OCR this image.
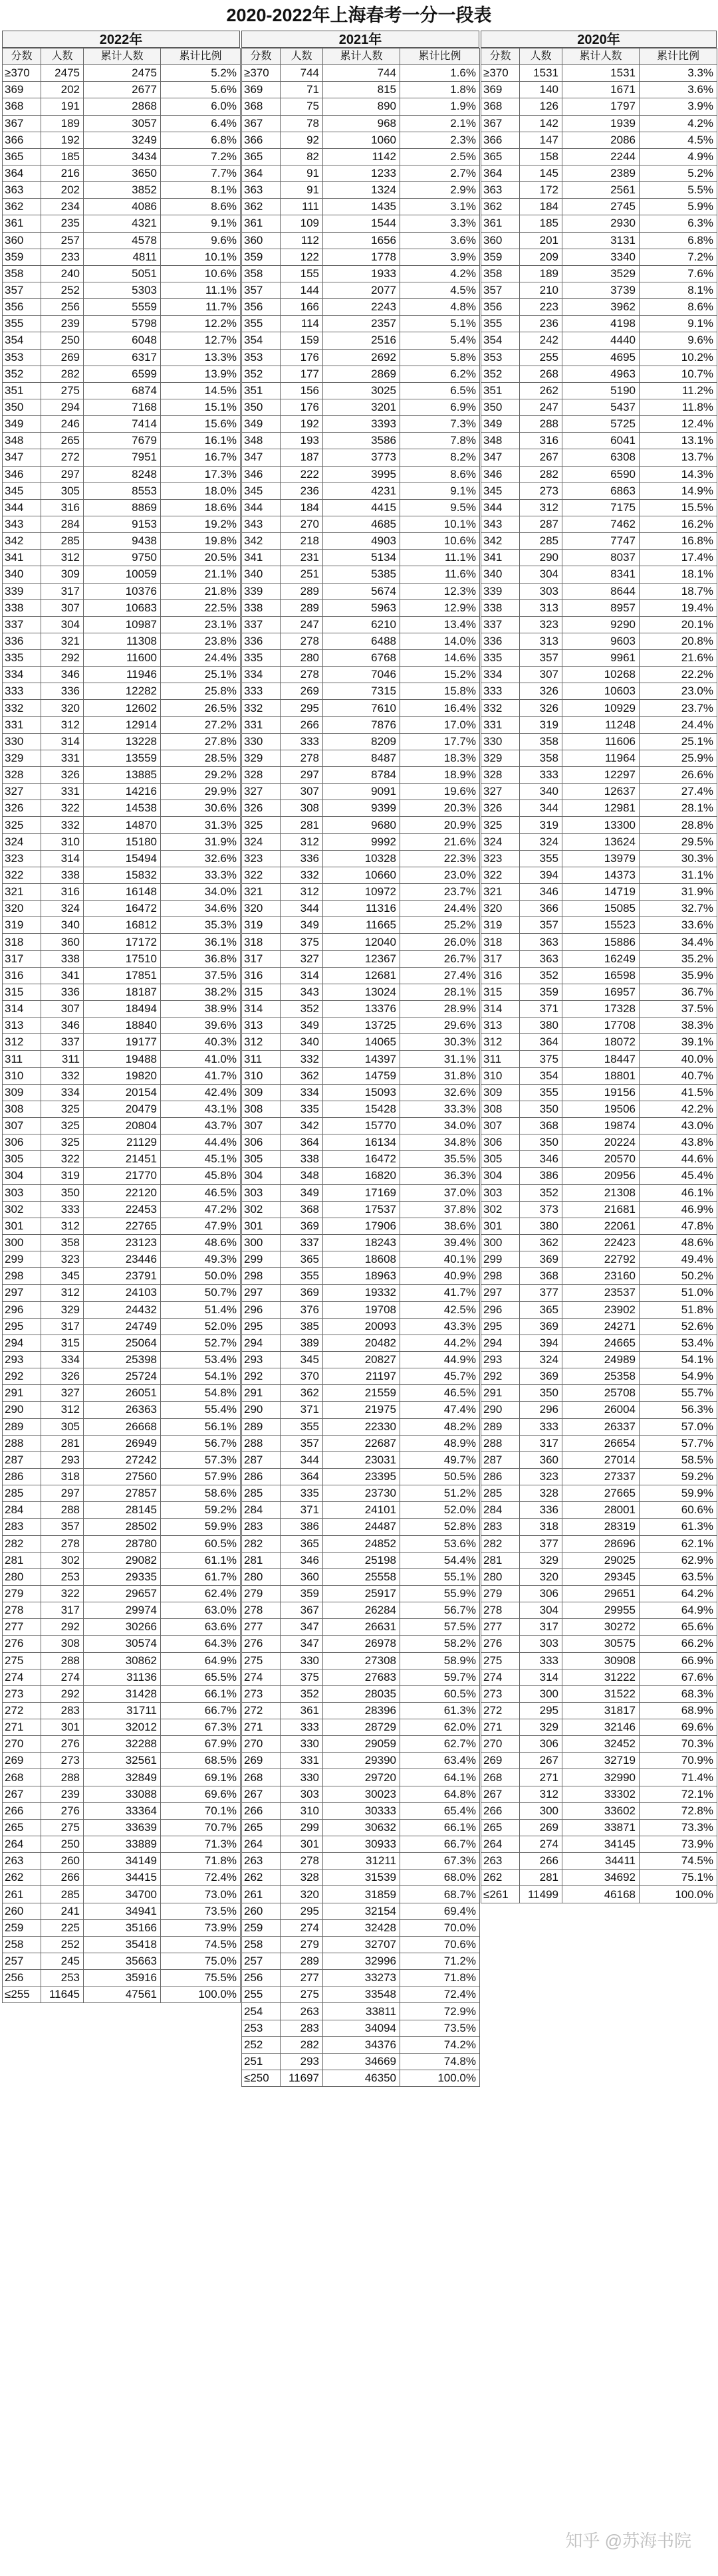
2020-2022年上海春考一分一段表
2022年	2021年	2020年
分数	人数	累计人数	累计比例
≥370	2475	2475	5.2%
369	202	2677	5.6%
368	191	2868	6.0%
367	189	3057	6.4%
366	192	3249	6.8%
365	185	3434	7.2%
364	216	3650	7.7%
363	202	3852	8.1%
362	234	4086	8.6%
361	235	4321	9.1%
360	257	4578	9.6%
359	233	4811	10.1%
358	240	5051	10.6%
357	252	5303	11.1%
356	256	5559	11.7%
355	239	5798	12.2%
354	250	6048	12.7%
353	269	6317	13.3%
352	282	6599	13.9%
351	275	6874	14.5%
350	294	7168	15.1%
349	246	7414	15.6%
348	265	7679	16.1%
347	272	7951	16.7%
346	297	8248	17.3%
345	305	8553	18.0%
344	316	8869	18.6%
343	284	9153	19.2%
342	285	9438	19.8%
341	312	9750	20.5%
340	309	10059	21.1%
339	317	10376	21.8%
338	307	10683	22.5%
337	304	10987	23.1%
336	321	11308	23.8%
335	292	11600	24.4%
334	346	11946	25.1%
333	336	12282	25.8%
332	320	12602	26.5%
331	312	12914	27.2%
330	314	13228	27.8%
329	331	13559	28.5%
328	326	13885	29.2%
327	331	14216	29.9%
326	322	14538	30.6%
325	332	14870	31.3%
324	310	15180	31.9%
323	314	15494	32.6%
322	338	15832	33.3%
321	316	16148	34.0%
320	324	16472	34.6%
319	340	16812	35.3%
318	360	17172	36.1%
317	338	17510	36.8%
316	341	17851	37.5%
315	336	18187	38.2%
314	307	18494	38.9%
313	346	18840	39.6%
312	337	19177	40.3%
311	311	19488	41.0%
310	332	19820	41.7%
309	334	20154	42.4%
308	325	20479	43.1%
307	325	20804	43.7%
306	325	21129	44.4%
305	322	21451	45.1%
304	319	21770	45.8%
303	350	22120	46.5%
302	333	22453	47.2%
301	312	22765	47.9%
300	358	23123	48.6%
299	323	23446	49.3%
298	345	23791	50.0%
297	312	24103	50.7%
296	329	24432	51.4%
295	317	24749	52.0%
294	315	25064	52.7%
293	334	25398	53.4%
292	326	25724	54.1%
291	327	26051	54.8%
290	312	26363	55.4%
289	305	26668	56.1%
288	281	26949	56.7%
287	293	27242	57.3%
286	318	27560	57.9%
285	297	27857	58.6%
284	288	28145	59.2%
283	357	28502	59.9%
282	278	28780	60.5%
281	302	29082	61.1%
280	253	29335	61.7%
279	322	29657	62.4%
278	317	29974	63.0%
277	292	30266	63.6%
276	308	30574	64.3%
275	288	30862	64.9%
274	274	31136	65.5%
273	292	31428	66.1%
272	283	31711	66.7%
271	301	32012	67.3%
270	276	32288	67.9%
269	273	32561	68.5%
268	288	32849	69.1%
267	239	33088	69.6%
266	276	33364	70.1%
265	275	33639	70.7%
264	250	33889	71.3%
263	260	34149	71.8%
262	266	34415	72.4%
261	285	34700	73.0%
260	241	34941	73.5%
259	225	35166	73.9%
258	252	35418	74.5%
257	245	35663	75.0%
256	253	35916	75.5%
≤255	11645	47561	100.0%
分数	人数	累计人数	累计比例
≥370	744	744	1.6%
369	71	815	1.8%
368	75	890	1.9%
367	78	968	2.1%
366	92	1060	2.3%
365	82	1142	2.5%
364	91	1233	2.7%
363	91	1324	2.9%
362	111	1435	3.1%
361	109	1544	3.3%
360	112	1656	3.6%
359	122	1778	3.9%
358	155	1933	4.2%
357	144	2077	4.5%
356	166	2243	4.8%
355	114	2357	5.1%
354	159	2516	5.4%
353	176	2692	5.8%
352	177	2869	6.2%
351	156	3025	6.5%
350	176	3201	6.9%
349	192	3393	7.3%
348	193	3586	7.8%
347	187	3773	8.2%
346	222	3995	8.6%
345	236	4231	9.1%
344	184	4415	9.5%
343	270	4685	10.1%
342	218	4903	10.6%
341	231	5134	11.1%
340	251	5385	11.6%
339	289	5674	12.3%
338	289	5963	12.9%
337	247	6210	13.4%
336	278	6488	14.0%
335	280	6768	14.6%
334	278	7046	15.2%
333	269	7315	15.8%
332	295	7610	16.4%
331	266	7876	17.0%
330	333	8209	17.7%
329	278	8487	18.3%
328	297	8784	18.9%
327	307	9091	19.6%
326	308	9399	20.3%
325	281	9680	20.9%
324	312	9992	21.6%
323	336	10328	22.3%
322	332	10660	23.0%
321	312	10972	23.7%
320	344	11316	24.4%
319	349	11665	25.2%
318	375	12040	26.0%
317	327	12367	26.7%
316	314	12681	27.4%
315	343	13024	28.1%
314	352	13376	28.9%
313	349	13725	29.6%
312	340	14065	30.3%
311	332	14397	31.1%
310	362	14759	31.8%
309	334	15093	32.6%
308	335	15428	33.3%
307	342	15770	34.0%
306	364	16134	34.8%
305	338	16472	35.5%
304	348	16820	36.3%
303	349	17169	37.0%
302	368	17537	37.8%
301	369	17906	38.6%
300	337	18243	39.4%
299	365	18608	40.1%
298	355	18963	40.9%
297	369	19332	41.7%
296	376	19708	42.5%
295	385	20093	43.3%
294	389	20482	44.2%
293	345	20827	44.9%
292	370	21197	45.7%
291	362	21559	46.5%
290	371	21975	47.4%
289	355	22330	48.2%
288	357	22687	48.9%
287	344	23031	49.7%
286	364	23395	50.5%
285	335	23730	51.2%
284	371	24101	52.0%
283	386	24487	52.8%
282	365	24852	53.6%
281	346	25198	54.4%
280	360	25558	55.1%
279	359	25917	55.9%
278	367	26284	56.7%
277	347	26631	57.5%
276	347	26978	58.2%
275	330	27308	58.9%
274	375	27683	59.7%
273	352	28035	60.5%
272	361	28396	61.3%
271	333	28729	62.0%
270	330	29059	62.7%
269	331	29390	63.4%
268	330	29720	64.1%
267	303	30023	64.8%
266	310	30333	65.4%
265	299	30632	66.1%
264	301	30933	66.7%
263	278	31211	67.3%
262	328	31539	68.0%
261	320	31859	68.7%
260	295	32154	69.4%
259	274	32428	70.0%
258	279	32707	70.6%
257	289	32996	71.2%
256	277	33273	71.8%
255	275	33548	72.4%
254	263	33811	72.9%
253	283	34094	73.5%
252	282	34376	74.2%
251	293	34669	74.8%
≤250	11697	46350	100.0%
分数	人数	累计人数	累计比例
≥370	1531	1531	3.3%
369	140	1671	3.6%
368	126	1797	3.9%
367	142	1939	4.2%
366	147	2086	4.5%
365	158	2244	4.9%
364	145	2389	5.2%
363	172	2561	5.5%
362	184	2745	5.9%
361	185	2930	6.3%
360	201	3131	6.8%
359	209	3340	7.2%
358	189	3529	7.6%
357	210	3739	8.1%
356	223	3962	8.6%
355	236	4198	9.1%
354	242	4440	9.6%
353	255	4695	10.2%
352	268	4963	10.7%
351	262	5190	11.2%
350	247	5437	11.8%
349	288	5725	12.4%
348	316	6041	13.1%
347	267	6308	13.7%
346	282	6590	14.3%
345	273	6863	14.9%
344	312	7175	15.5%
343	287	7462	16.2%
342	285	7747	16.8%
341	290	8037	17.4%
340	304	8341	18.1%
339	303	8644	18.7%
338	313	8957	19.4%
337	323	9290	20.1%
336	313	9603	20.8%
335	357	9961	21.6%
334	307	10268	22.2%
333	326	10603	23.0%
332	326	10929	23.7%
331	319	11248	24.4%
330	358	11606	25.1%
329	358	11964	25.9%
328	333	12297	26.6%
327	340	12637	27.4%
326	344	12981	28.1%
325	319	13300	28.8%
324	324	13624	29.5%
323	355	13979	30.3%
322	394	14373	31.1%
321	346	14719	31.9%
320	366	15085	32.7%
319	357	15523	33.6%
318	363	15886	34.4%
317	363	16249	35.2%
316	352	16598	35.9%
315	359	16957	36.7%
314	371	17328	37.5%
313	380	17708	38.3%
312	364	18072	39.1%
311	375	18447	40.0%
310	354	18801	40.7%
309	355	19156	41.5%
308	350	19506	42.2%
307	368	19874	43.0%
306	350	20224	43.8%
305	346	20570	44.6%
304	386	20956	45.4%
303	352	21308	46.1%
302	373	21681	46.9%
301	380	22061	47.8%
300	362	22423	48.6%
299	369	22792	49.4%
298	368	23160	50.2%
297	377	23537	51.0%
296	365	23902	51.8%
295	369	24271	52.6%
294	394	24665	53.4%
293	324	24989	54.1%
292	369	25358	54.9%
291	350	25708	55.7%
290	296	26004	56.3%
289	333	26337	57.0%
288	317	26654	57.7%
287	360	27014	58.5%
286	323	27337	59.2%
285	328	27665	59.9%
284	336	28001	60.6%
283	318	28319	61.3%
282	377	28696	62.1%
281	329	29025	62.9%
280	320	29345	63.5%
279	306	29651	64.2%
278	304	29955	64.9%
277	317	30272	65.6%
276	303	30575	66.2%
275	333	30908	66.9%
274	314	31222	67.6%
273	300	31522	68.3%
272	295	31817	68.9%
271	329	32146	69.6%
270	306	32452	70.3%
269	267	32719	70.9%
268	271	32990	71.4%
267	312	33302	72.1%
266	300	33602	72.8%
265	269	33871	73.3%
264	274	34145	73.9%
263	266	34411	74.5%
262	281	34692	75.1%
≤261	11499	46168	100.0%
知乎 @苏海书院
